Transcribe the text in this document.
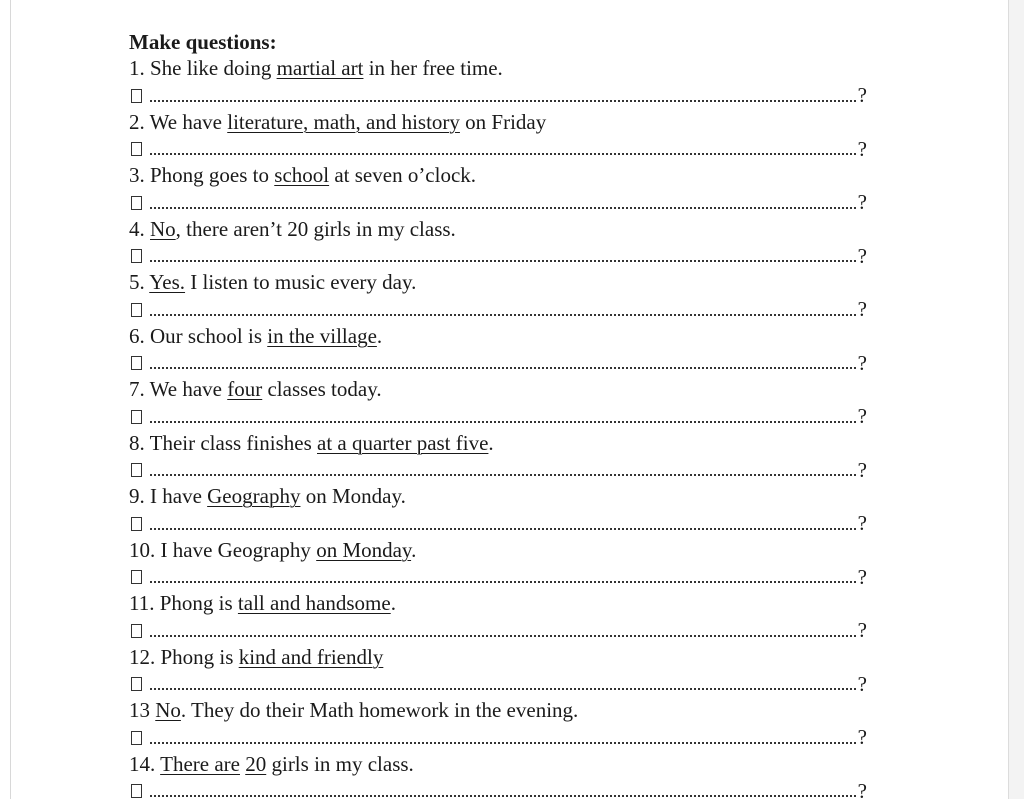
Make questions:
1. She like doing martial art in her free time.
?
2. We have literature, math, and history on Friday
?
3. Phong goes to school at seven o’clock.
?
4. No, there aren’t 20 girls in my class.
?
5. Yes. I listen to music every day.
?
6. Our school is in the village.
?
7. We have four classes today.
?
8. Their class finishes at a quarter past five.
?
9. I have Geography on Monday.
?
10. I have Geography on Monday.
?
11. Phong is tall and handsome.
?
12. Phong is kind and friendly
?
13 No. They do their Math homework in the evening.
?
14. There are 20 girls in my class.
?
